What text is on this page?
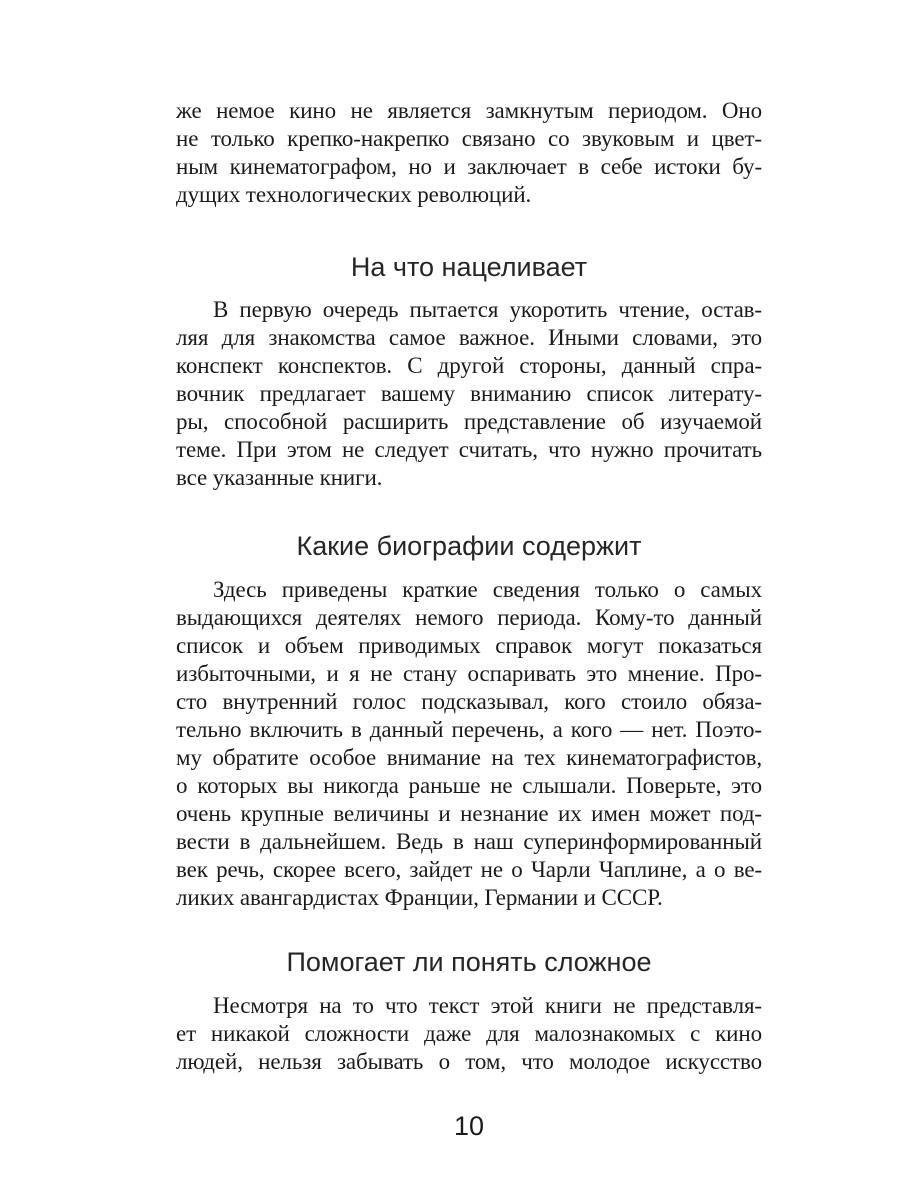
же немое кино не является замкнутым периодом. Оно
не только крепко-накрепко связано со звуковым и цвет-
ным кинематографом, но и заключает в себе истоки бу-
дущих технологических революций.
На что нацеливает
В первую очередь пытается укоротить чтение, остав-
ляя для знакомства самое важное. Иными словами, это
конспект конспектов. С другой стороны, данный спра-
вочник предлагает вашему вниманию список литерату-
ры, способной расширить представление об изучаемой
теме. При этом не следует считать, что нужно прочитать
все указанные книги.
Какие биографии содержит
Здесь приведены краткие сведения только о самых
выдающихся деятелях немого периода. Кому-то данный
список и объем приводимых справок могут показаться
избыточными, и я не стану оспаривать это мнение. Про-
сто внутренний голос подсказывал, кого стоило обяза-
тельно включить в данный перечень, а кого — нет. Поэто-
му обратите особое внимание на тех кинематографистов,
о которых вы никогда раньше не слышали. Поверьте, это
очень крупные величины и незнание их имен может под-
вести в дальнейшем. Ведь в наш суперинформированный
век речь, скорее всего, зайдет не о Чарли Чаплине, а о ве-
ликих авангардистах Франции, Германии и СССР.
Помогает ли понять сложное
Несмотря на то что текст этой книги не представля-
ет никакой сложности даже для малознакомых с кино
людей, нельзя забывать о том, что молодое искусство
10
